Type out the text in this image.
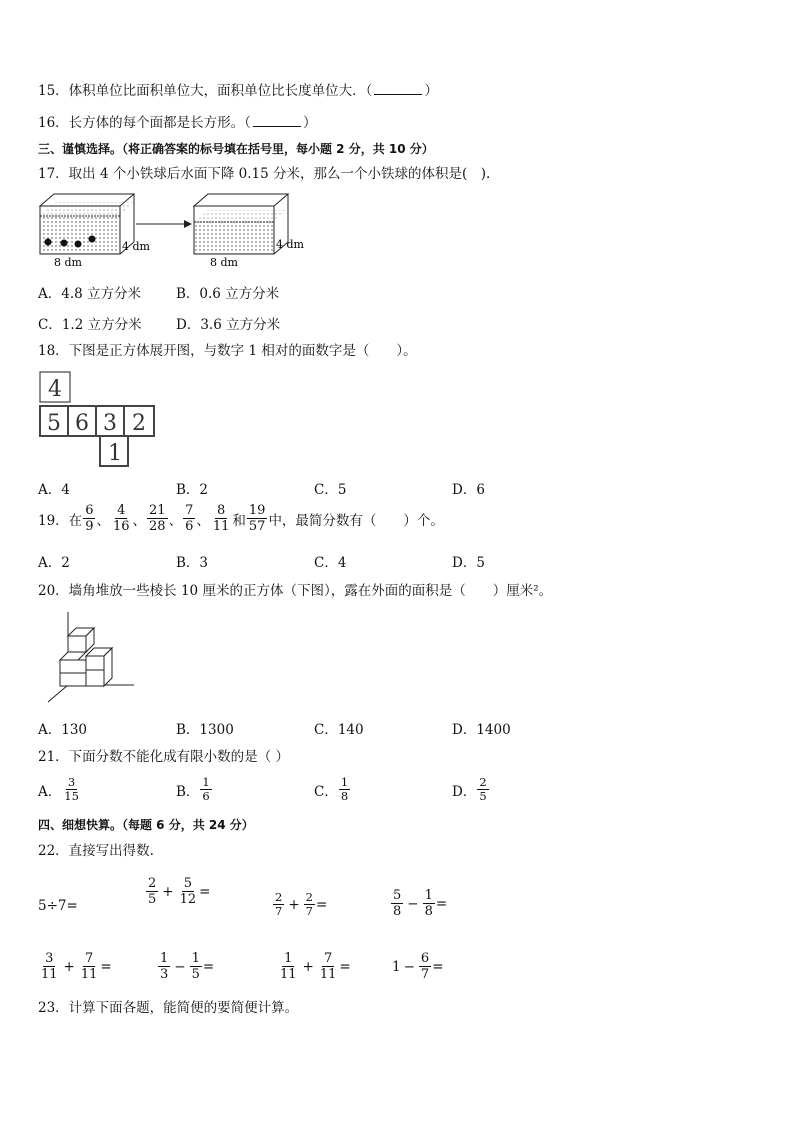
15．体积单位比面积单位大，面积单位比长度单位大．（	）
16．长方体的每个面都是长方形。（	）
三、谨慎选择。（将正确答案的标号填在括号里，每小题 2 分，共 10 分）
17．取出 4 个小铁球后水面下降 0.15 分米，那么一个小铁球的体积是(　).
8 dm
4 dm
8 dm
4 dm
A．4.8 立方分米	B．0.6 立方分米
C．1.2 立方分米	D．3.6 立方分米
18．下图是正方体展开图，与数字 1 相对的面数字是（　　）。
4
5 6 3 2
1
A．4	B．2	C．5	D．6
19．在 $\frac{6}{9}$ 、 $\frac{4}{16}$ 、 $\frac{21}{28}$ 、 $\frac{7}{6}$ 、 $\frac{8}{11}$ 和 $\frac{19}{57}$ 中，最简分数有（　　）个。
A．2	B．3	C．4	D．5
20．墙角堆放一些棱长 10 厘米的正方体（下图），露在外面的面积是（　　）厘米²。
A．130	B．1300	C．140	D．1400
21．下面分数不能化成有限小数的是（ ）
A． $\frac{3}{15}$	B． $\frac{1}{6}$	C． $\frac{1}{8}$	D． $\frac{2}{5}$
四、细想快算。（每题 6 分，共 24 分）
22．直接写出得数.
5÷7=	$\frac{2}{5} + \frac{5}{12}$ =	$\frac{2}{7} + \frac{2}{7}$ =	$\frac{5}{8} - \frac{1}{8}$ =
$\frac{3}{11} + \frac{7}{11}$ =	$\frac{1}{3} - \frac{1}{5}$ =	$\frac{1}{11} + \frac{7}{11}$ =	$1 - \frac{6}{7}$ =
23．计算下面各题，能简便的要简便计算。
